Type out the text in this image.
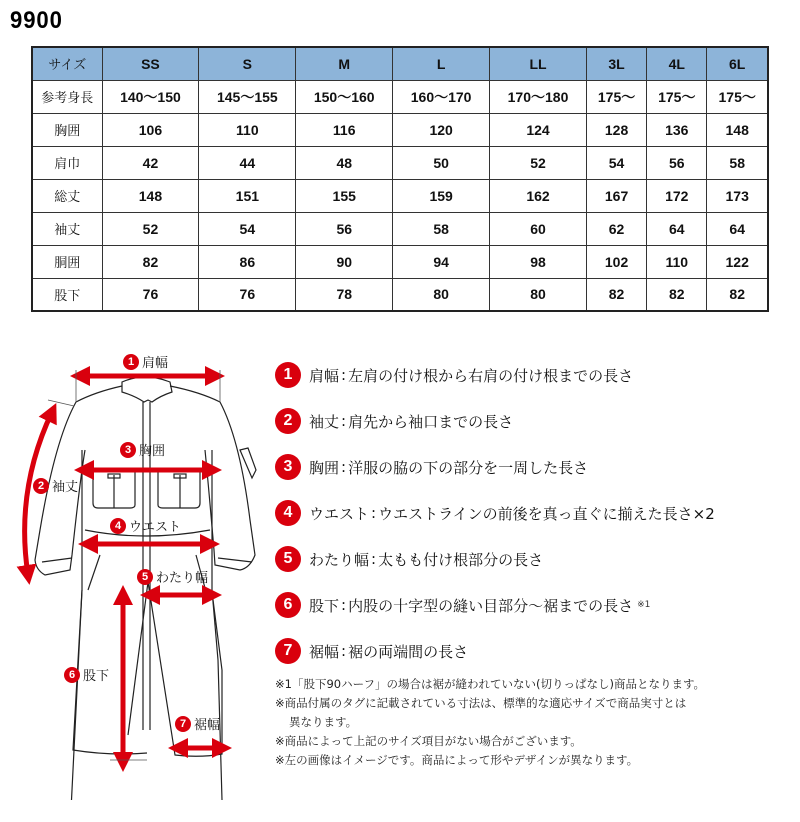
9900
サイズ	SS	S	M	L	LL	3L	4L	6L
参考身長	140〜150	145〜155	150〜160	160〜170	170〜180	175〜	175〜	175〜
胸囲	106	110	116	120	124	128	136	148
肩巾	42	44	48	50	52	54	56	58
総丈	148	151	155	159	162	167	172	173
袖丈	52	54	56	58	60	62	64	64
胴囲	82	86	90	94	98	102	110	122
股下	76	76	78	80	80	82	82	82
1 肩幅
2 袖丈
3 胸囲
4 ウエスト
5 わたり幅
6 股下
7 裾幅
1	肩幅 : 左肩の付け根から右肩の付け根までの長さ
2	袖丈 : 肩先から袖口までの長さ
3	胸囲 : 洋服の脇の下の部分を一周した長さ
4	ウエスト : ウエストラインの前後を真っ直ぐに揃えた長さ×2
5	わたり幅 : 太もも付け根部分の長さ
6	股下 : 内股の十字型の縫い目部分〜裾までの長さ ※1
7	裾幅 : 裾の両端間の長さ
※1「股下90ハーフ」の場合は裾が縫われていない(切りっぱなし)商品となります。
※商品付属のタグに記載されている寸法は、標準的な適応サイズで商品実寸とは
異なります。
※商品によって上記のサイズ項目がない場合がございます。
※左の画像はイメージです。商品によって形やデザインが異なります。
